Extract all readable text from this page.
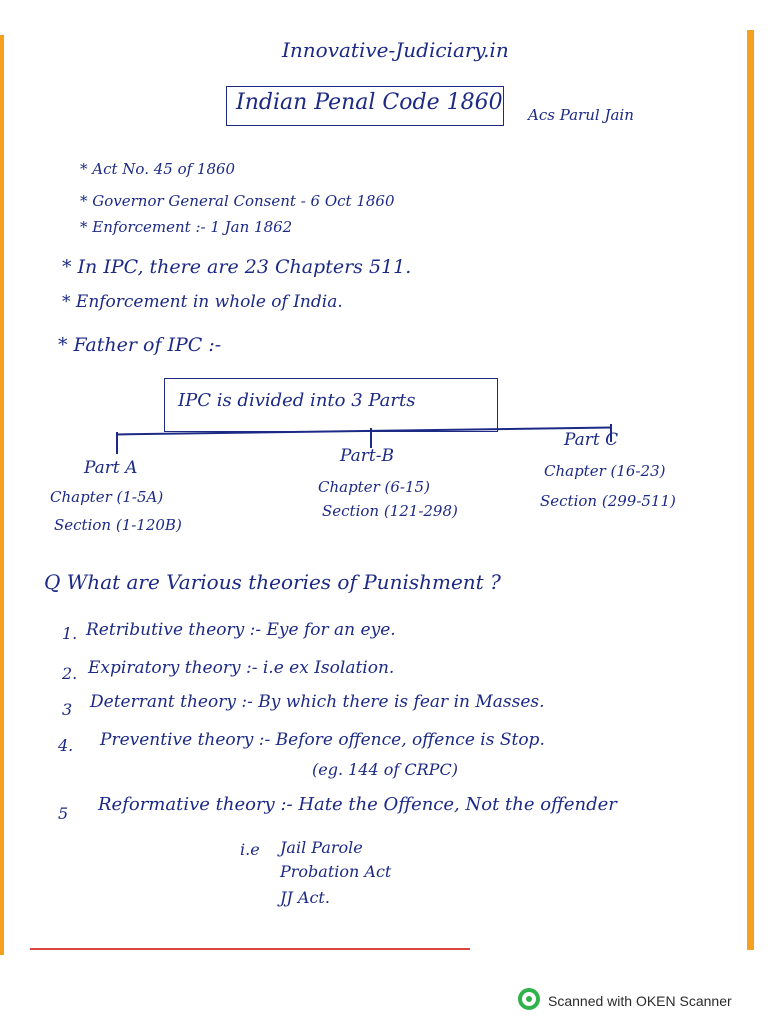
Innovative-Judiciary.in
Indian Penal Code 1860 Acs Parul Jain
* Act No. 45 of 1860
* Governor General Consent - 6 Oct 1860
* Enforcement :- 1 Jan 1862
* In IPC, there are 23 Chapters 511.
* Enforcement in whole of India.
* Father of IPC :-
IPC is divided into 3 Parts
Part A
Chapter (1-5A)
Section (1-120B)
Part-B
Chapter (6-15)
Section (121-298)
Part C
Chapter (16-23)
Section (299-511)
Q What are Various theories of Punishment ?
1. Retributive theory :- Eye for an eye.
2. Expiratory theory :- i.e ex Isolation.
3 Deterrant theory :- By which there is fear in Masses.
4. Preventive theory :- Before offence, offence is Stop.
(eg. 144 of CRPC)
5 Reformative theory :- Hate the Offence, Not the offender
i.e Jail Parole
Probation Act
JJ Act.
Scanned with OKEN Scanner
